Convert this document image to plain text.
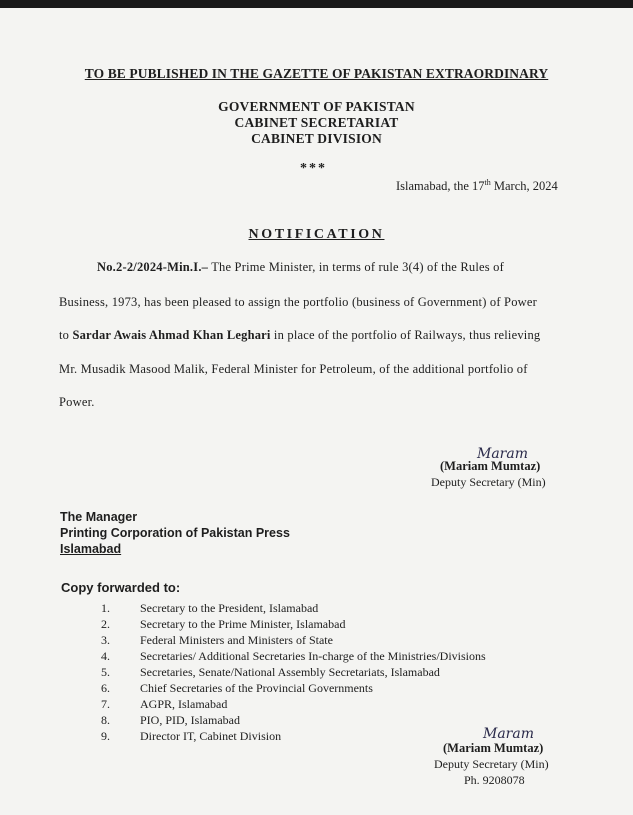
TO BE PUBLISHED IN THE GAZETTE OF PAKISTAN EXTRAORDINARY
GOVERNMENT OF PAKISTAN
CABINET SECRETARIAT
CABINET DIVISION
***
Islamabad, the 17th March, 2024
NOTIFICATION
No.2-2/2024-Min.I.– The Prime Minister, in terms of rule 3(4) of the Rules of
Business, 1973, has been pleased to assign the portfolio (business of Government) of Power
to Sardar Awais Ahmad Khan Leghari in place of the portfolio of Railways, thus relieving
Mr. Musadik Masood Malik, Federal Minister for Petroleum, of the additional portfolio of
Power.
Maram
(Mariam Mumtaz)
Deputy Secretary (Min)
The Manager
Printing Corporation of Pakistan Press
Islamabad
Copy forwarded to:
1.	Secretary to the President, Islamabad
2.	Secretary to the Prime Minister, Islamabad
3.	Federal Ministers and Ministers of State
4.	Secretaries/ Additional Secretaries In-charge of the Ministries/Divisions
5.	Secretaries, Senate/National Assembly Secretariats, Islamabad
6.	Chief Secretaries of the Provincial Governments
7.	AGPR, Islamabad
8.	PIO, PID, Islamabad
9.	Director IT, Cabinet Division	Maram
(Mariam Mumtaz)
Deputy Secretary (Min)
Ph. 9208078
